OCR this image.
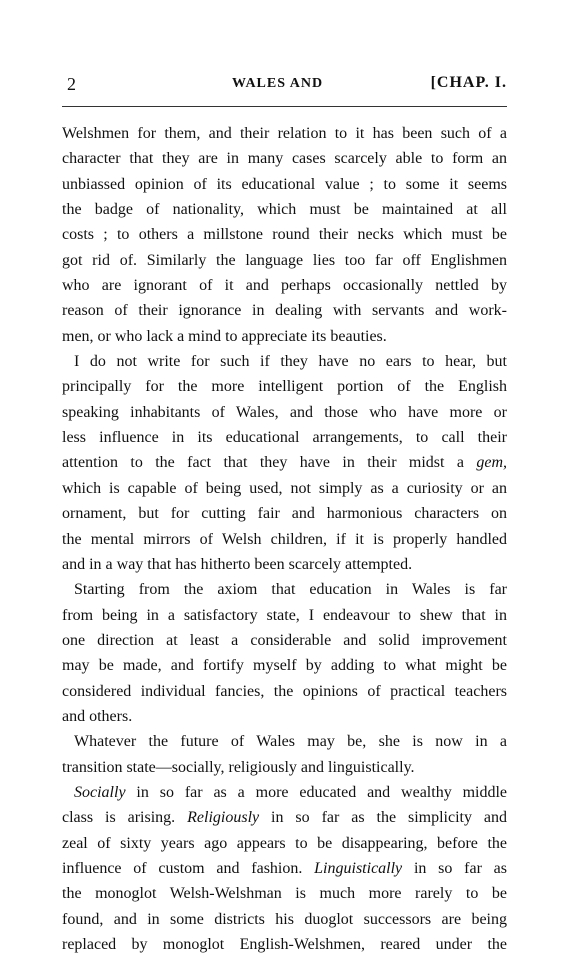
2	WALES AND	[CHAP. I.
Welshmen for them, and their relation to it has been such of a
character that they are in many cases scarcely able to form an
unbiassed opinion of its educational value ; to some it seems
the badge of nationality, which must be maintained at all
costs ; to others a millstone round their necks which must be
got rid of. Similarly the language lies too far off Englishmen
who are ignorant of it and perhaps occasionally nettled by
reason of their ignorance in dealing with servants and work-
men, or who lack a mind to appreciate its beauties.
I do not write for such if they have no ears to hear, but
principally for the more intelligent portion of the English
speaking inhabitants of Wales, and those who have more or
less influence in its educational arrangements, to call their
attention to the fact that they have in their midst a gem,
which is capable of being used, not simply as a curiosity or an
ornament, but for cutting fair and harmonious characters on
the mental mirrors of Welsh children, if it is properly handled
and in a way that has hitherto been scarcely attempted.
Starting from the axiom that education in Wales is far
from being in a satisfactory state, I endeavour to shew that in
one direction at least a considerable and solid improvement
may be made, and fortify myself by adding to what might be
considered individual fancies, the opinions of practical teachers
and others.
Whatever the future of Wales may be, she is now in a
transition state—socially, religiously and linguistically.
Socially in so far as a more educated and wealthy middle
class is arising. Religiously in so far as the simplicity and
zeal of sixty years ago appears to be disappearing, before the
influence of custom and fashion. Linguistically in so far as
the monoglot Welsh-Welshman is much more rarely to be
found, and in some districts his duoglot successors are being
replaced by monoglot English-Welshmen, reared under the
